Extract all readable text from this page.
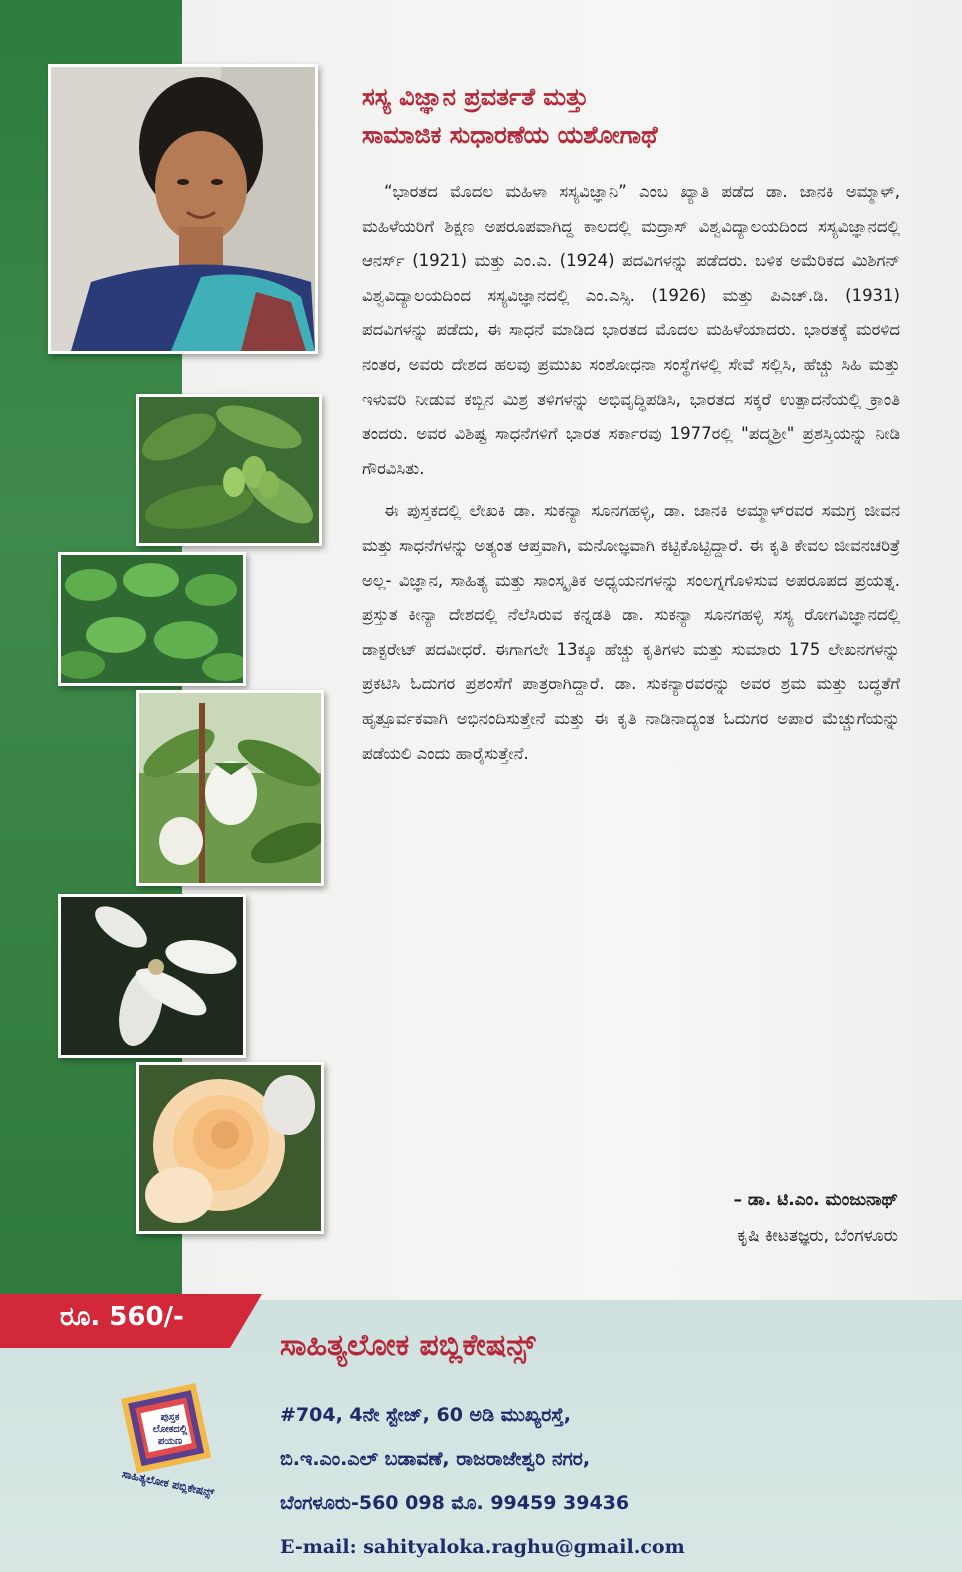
ಸಸ್ಯ ವಿಜ್ಞಾನ ಪ್ರವರ್ತತೆ ಮತ್ತು
ಸಾಮಾಜಿಕ ಸುಧಾರಣೆಯ ಯಶೋಗಾಥೆ

“ಭಾರತದ ಮೊದಲ ಮಹಿಳಾ ಸಸ್ಯವಿಜ್ಞಾನಿ” ಎಂಬ ಖ್ಯಾತಿ ಪಡೆದ ಡಾ. ಜಾನಕಿ ಅಮ್ಮಾಳ್, ಮಹಿಳೆಯರಿಗೆ ಶಿಕ್ಷಣ ಅಪರೂಪವಾಗಿದ್ದ ಕಾಲದಲ್ಲಿ ಮದ್ರಾಸ್ ವಿಶ್ವವಿದ್ಯಾಲಯದಿಂದ ಸಸ್ಯವಿಜ್ಞಾನದಲ್ಲಿ ಆನರ್ಸ್ (1921) ಮತ್ತು ಎಂ.ಎ. (1924) ಪದವಿಗಳನ್ನು ಪಡೆದರು. ಬಳಿಕ ಅಮೆರಿಕದ ಮಿಶಿಗನ್ ವಿಶ್ವವಿದ್ಯಾಲಯದಿಂದ ಸಸ್ಯವಿಜ್ಞಾನದಲ್ಲಿ ಎಂ.ಎಸ್ಸಿ. (1926) ಮತ್ತು ಪಿಎಚ್.ಡಿ. (1931) ಪದವಿಗಳನ್ನು ಪಡೆದು, ಈ ಸಾಧನೆ ಮಾಡಿದ ಭಾರತದ ಮೊದಲ ಮಹಿಳೆಯಾದರು. ಭಾರತಕ್ಕೆ ಮರಳಿದ ನಂತರ, ಅವರು ದೇಶದ ಹಲವು ಪ್ರಮುಖ ಸಂಶೋಧನಾ ಸಂಸ್ಥೆಗಳಲ್ಲಿ ಸೇವೆ ಸಲ್ಲಿಸಿ, ಹೆಚ್ಚು ಸಿಹಿ ಮತ್ತು ಇಳುವರಿ ನೀಡುವ ಕಬ್ಬಿನ ಮಿಶ್ರ ತಳಿಗಳನ್ನು ಅಭಿವೃದ್ಧಿಪಡಿಸಿ, ಭಾರತದ ಸಕ್ಕರೆ ಉತ್ಪಾದನೆಯಲ್ಲಿ ಕ್ರಾಂತಿ ತಂದರು. ಅವರ ವಿಶಿಷ್ಟ ಸಾಧನೆಗಳಿಗೆ ಭಾರತ ಸರ್ಕಾರವು 1977ರಲ್ಲಿ "ಪದ್ಮಶ್ರೀ" ಪ್ರಶಸ್ತಿಯನ್ನು ನೀಡಿ ಗೌರವಿಸಿತು.

ಈ ಪುಸ್ತಕದಲ್ಲಿ ಲೇಖಕಿ ಡಾ. ಸುಕನ್ಯಾ ಸೂನಗಹಳ್ಳಿ, ಡಾ. ಜಾನಕಿ ಅಮ್ಮಾಳ್‌ರವರ ಸಮಗ್ರ ಜೀವನ ಮತ್ತು ಸಾಧನೆಗಳನ್ನು ಅತ್ಯಂತ ಆಪ್ತವಾಗಿ, ಮನೋಜ್ಞವಾಗಿ ಕಟ್ಟಿಕೊಟ್ಟಿದ್ದಾರೆ. ಈ ಕೃತಿ ಕೇವಲ ಜೀವನಚರಿತ್ರೆ ಅಲ್ಲ- ವಿಜ್ಞಾನ, ಸಾಹಿತ್ಯ ಮತ್ತು ಸಾಂಸ್ಕೃತಿಕ ಅಧ್ಯಯನಗಳನ್ನು ಸಂಲಗ್ನಗೊಳಿಸುವ ಅಪರೂಪದ ಪ್ರಯತ್ನ. ಪ್ರಸ್ತುತ ಕೀನ್ಯಾ ದೇಶದಲ್ಲಿ ನೆಲೆಸಿರುವ ಕನ್ನಡತಿ ಡಾ. ಸುಕನ್ಯಾ ಸೂನಗಹಳ್ಳಿ ಸಸ್ಯ ರೋಗವಿಜ್ಞಾನದಲ್ಲಿ ಡಾಕ್ಟರೇಟ್ ಪದವೀಧರೆ. ಈಗಾಗಲೇ 13ಕ್ಕೂ ಹೆಚ್ಚು ಕೃತಿಗಳು ಮತ್ತು ಸುಮಾರು 175 ಲೇಖನಗಳನ್ನು ಪ್ರಕಟಿಸಿ ಓದುಗರ ಪ್ರಶಂಸೆಗೆ ಪಾತ್ರರಾಗಿದ್ದಾರೆ. ಡಾ. ಸುಕನ್ಯಾರವರನ್ನು ಅವರ ಶ್ರಮ ಮತ್ತು ಬದ್ಧತೆಗೆ ಹೃತ್ಪೂರ್ವಕವಾಗಿ ಅಭಿನಂದಿಸುತ್ತೇನೆ ಮತ್ತು ಈ ಕೃತಿ ನಾಡಿನಾದ್ಯಂತ ಓದುಗರ ಅಪಾರ ಮೆಚ್ಚುಗೆಯನ್ನು ಪಡೆಯಲಿ ಎಂದು ಹಾರೈಸುತ್ತೇನೆ.

– ಡಾ. ಟಿ.ಎಂ. ಮಂಜುನಾಥ್
ಕೃಷಿ ಕೀಟತಜ್ಞರು, ಬೆಂಗಳೂರು
ರೂ. 560/-
ಪುಸ್ತಕ ಲೋಕದಲ್ಲಿ ಪಯಣ
ಸಾಹಿತ್ಯಲೋಕ ಪಬ್ಲಿಕೇಷನ್ಸ್
ಸಾಹಿತ್ಯಲೋಕ ಪಬ್ಲಿಕೇಷನ್ಸ್
#704, 4ನೇ ಸ್ಟೇಜ್, 60 ಅಡಿ ಮುಖ್ಯರಸ್ತೆ,
ಬಿ.ಇ.ಎಂ.ಎಲ್ ಬಡಾವಣೆ, ರಾಜರಾಜೇಶ್ವರಿ ನಗರ,
ಬೆಂಗಳೂರು-560 098 ಮೊ. 99459 39436
E-mail: sahityaloka.raghu@gmail.com
